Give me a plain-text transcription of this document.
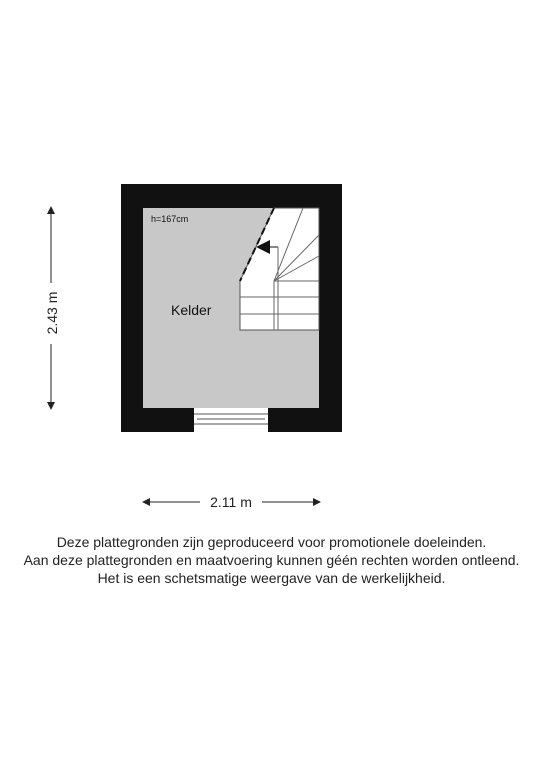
h=167cm
Kelder
2.43 m
2.11 m
Deze plattegronden zijn geproduceerd voor promotionele doeleinden.
Aan deze plattegronden en maatvoering kunnen géén rechten worden ontleend.
Het is een schetsmatige weergave van de werkelijkheid.
